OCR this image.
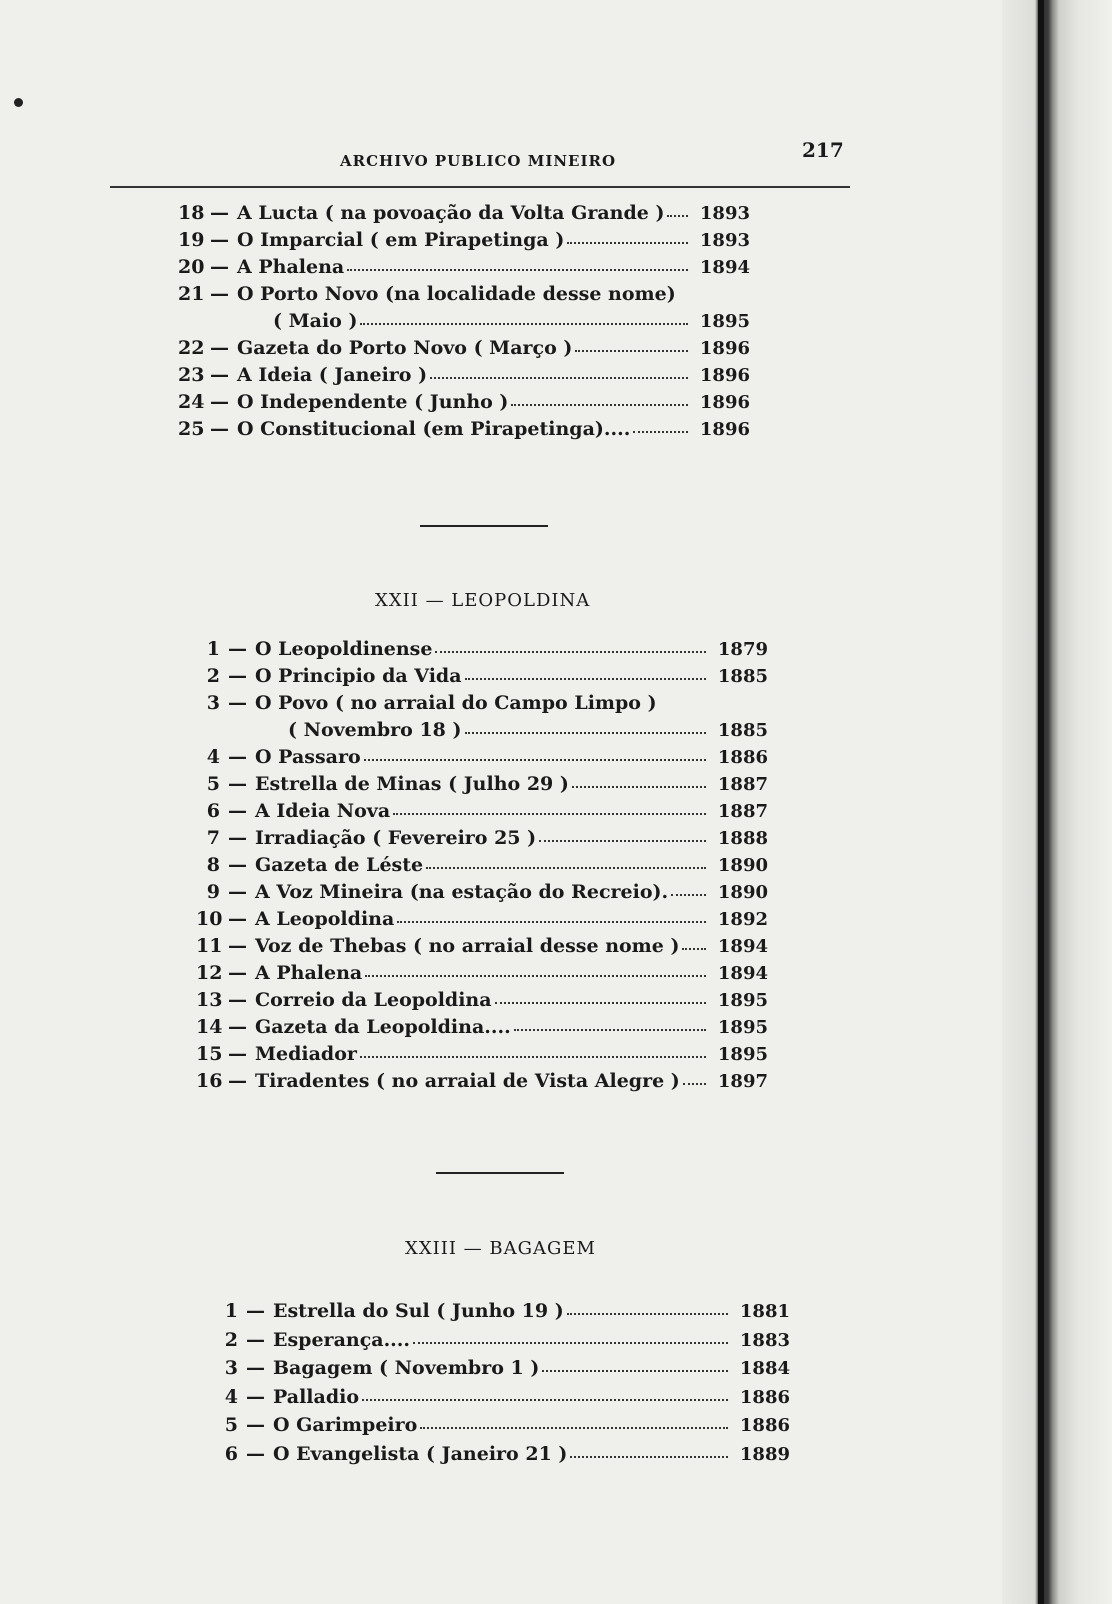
ARCHIVO PUBLICO MINEIRO	217
18 — A Lucta ( na povoação da Volta Grande )	1893
19 — O Imparcial ( em Pirapetinga )	1893
20 — A Phalena	1894
21 — O Porto Novo (na localidade desse nome)
( Maio )	1895
22 — Gazeta do Porto Novo ( Março )	1896
23 — A Ideia ( Janeiro )	1896
24 — O Independente ( Junho )	1896
25 — O Constitucional (em Pirapetinga)....	1896
XXII — LEOPOLDINA
1 — O Leopoldinense	1879
2 — O Principio da Vida	1885
3 — O Povo ( no arraial do Campo Limpo )
( Novembro 18 )	1885
4 — O Passaro	1886
5 — Estrella de Minas ( Julho 29 )	1887
6 — A Ideia Nova	1887
7 — Irradiação ( Fevereiro 25 )	1888
8 — Gazeta de Léste	1890
9 — A Voz Mineira (na estação do Recreio).	1890
10 — A Leopoldina	1892
11 — Voz de Thebas ( no arraial desse nome )	1894
12 — A Phalena	1894
13 — Correio da Leopoldina	1895
14 — Gazeta da Leopoldina....	1895
15 — Mediador	1895
16 — Tiradentes ( no arraial de Vista Alegre )	1897
XXIII — BAGAGEM
1 — Estrella do Sul ( Junho 19 )	1881
2 — Esperança....	1883
3 — Bagagem ( Novembro 1 )	1884
4 — Palladio	1886
5 — O Garimpeiro	1886
6 — O Evangelista ( Janeiro 21 )	1889
